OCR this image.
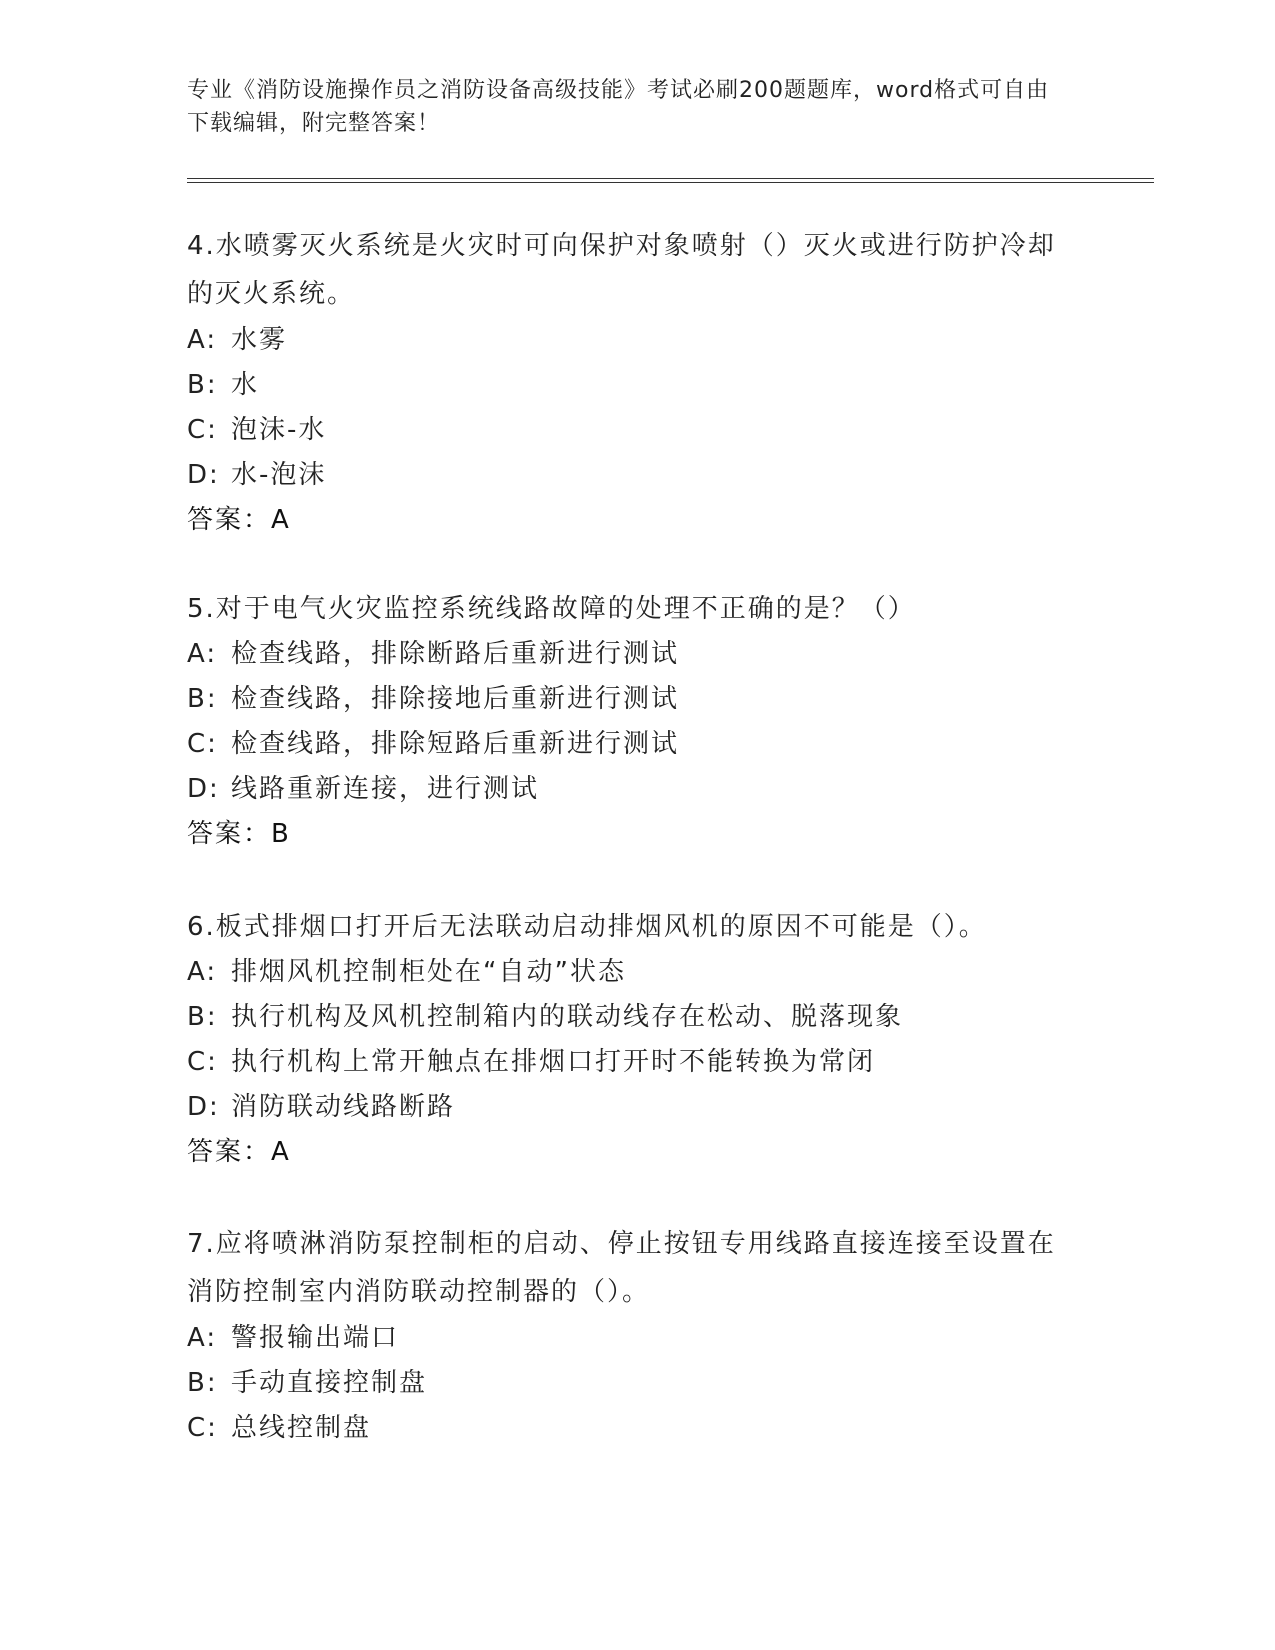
专业《消防设施操作员之消防设备高级技能》考试必刷200题题库，word格式可自由下载编辑，附完整答案！
4.水喷雾灭火系统是火灾时可向保护对象喷射（）灭火或进行防护冷却的灭火系统。
A: 水雾
B: 水
C: 泡沫-水
D: 水-泡沫
答案：A
5.对于电气火灾监控系统线路故障的处理不正确的是？（）
A: 检查线路，排除断路后重新进行测试
B: 检查线路，排除接地后重新进行测试
C: 检查线路，排除短路后重新进行测试
D: 线路重新连接，进行测试
答案：B
6.板式排烟口打开后无法联动启动排烟风机的原因不可能是（）。
A: 排烟风机控制柜处在“自动”状态
B: 执行机构及风机控制箱内的联动线存在松动、脱落现象
C: 执行机构上常开触点在排烟口打开时不能转换为常闭
D: 消防联动线路断路
答案：A
7.应将喷淋消防泵控制柜的启动、停止按钮专用线路直接连接至设置在消防控制室内消防联动控制器的（）。
A: 警报输出端口
B: 手动直接控制盘
C: 总线控制盘
